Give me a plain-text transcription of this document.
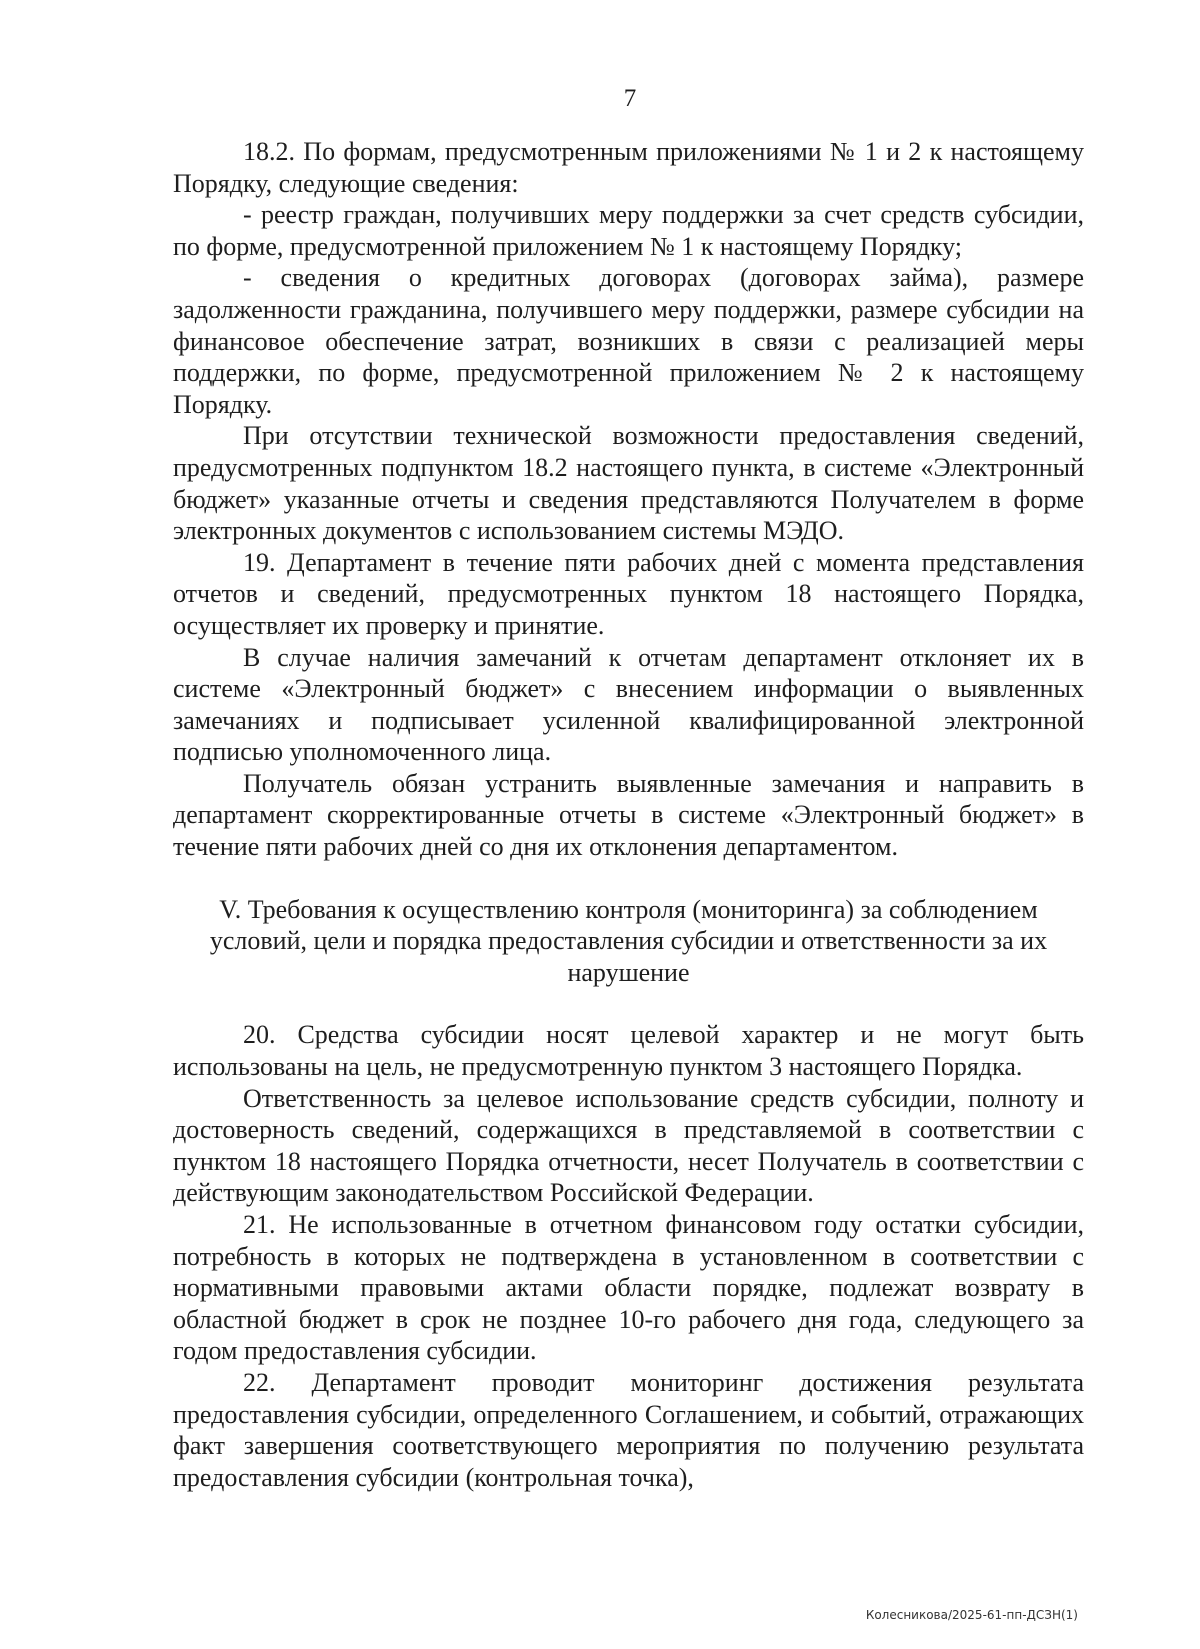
7

18.2. По формам, предусмотренным приложениями № 1 и 2 к настоящему Порядку, следующие сведения:

- реестр граждан, получивших меру поддержки за счет средств субсидии, по форме, предусмотренной приложением № 1 к настоящему Порядку;

- сведения о кредитных договорах (договорах займа), размере задолженности гражданина, получившего меру поддержки, размере субсидии на финансовое обеспечение затрат, возникших в связи с реализацией меры поддержки, по форме, предусмотренной приложением № 2 к настоящему Порядку.

При отсутствии технической возможности предоставления сведений, предусмотренных подпунктом 18.2 настоящего пункта, в системе «Электронный бюджет» указанные отчеты и сведения представляются Получателем в форме электронных документов с использованием системы МЭДО.

19. Департамент в течение пяти рабочих дней с момента представления отчетов и сведений, предусмотренных пунктом 18 настоящего Порядка, осуществляет их проверку и принятие.

В случае наличия замечаний к отчетам департамент отклоняет их в системе «Электронный бюджет» с внесением информации о выявленных замечаниях и подписывает усиленной квалифицированной электронной подписью уполномоченного лица.

Получатель обязан устранить выявленные замечания и направить в департамент скорректированные отчеты в системе «Электронный бюджет» в течение пяти рабочих дней со дня их отклонения департаментом.

V. Требования к осуществлению контроля (мониторинга) за соблюдением условий, цели и порядка предоставления субсидии и ответственности за их нарушение

20. Средства субсидии носят целевой характер и не могут быть использованы на цель, не предусмотренную пунктом 3 настоящего Порядка.

Ответственность за целевое использование средств субсидии, полноту и достоверность сведений, содержащихся в представляемой в соответствии с пунктом 18 настоящего Порядка отчетности, несет Получатель в соответствии с действующим законодательством Российской Федерации.

21. Не использованные в отчетном финансовом году остатки субсидии, потребность в которых не подтверждена в установленном в соответствии с нормативными правовыми актами области порядке, подлежат возврату в областной бюджет в срок не позднее 10-го рабочего дня года, следующего за годом предоставления субсидии.

22. Департамент проводит мониторинг достижения результата предоставления субсидии, определенного Соглашением, и событий, отражающих факт завершения соответствующего мероприятия по получению результата предоставления субсидии (контрольная точка),

Колесникова/2025-61-пп-ДСЗН(1)
